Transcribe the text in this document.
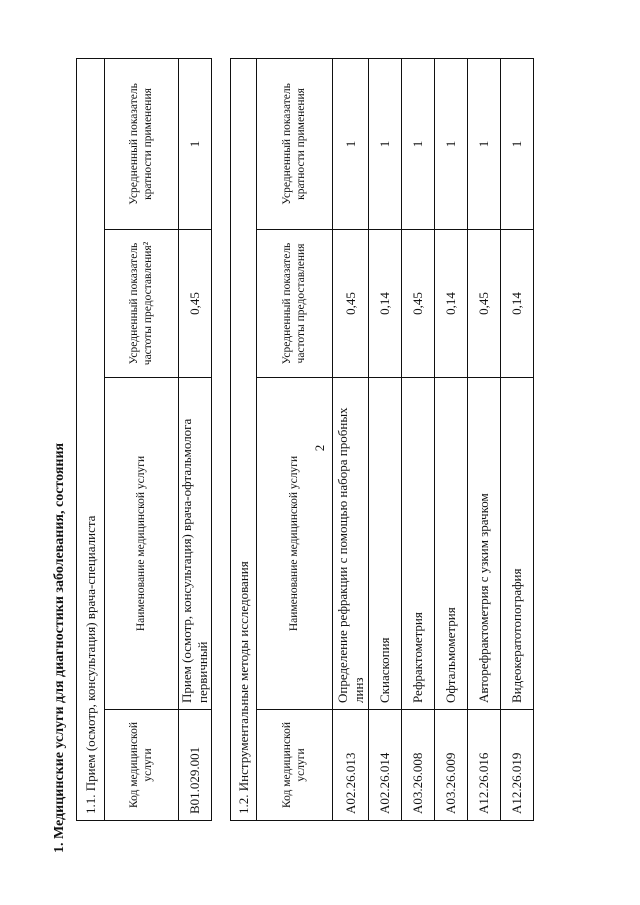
2
1. Медицинские услуги для диагностики заболевания, состояния 1.1. Прием (осмотр, консультация) врача-специалиста			
Код медицинской услуги	Наименование медицинской услуги	Усредненный показатель частоты предоставления²	Усредненный показатель кратности применения
B01.029.001	Прием (осмотр, консультация) врача-офтальмолога первичный	0,45	1
1.2. Инструментальные методы исследования			
Код медицинской услуги	Наименование медицинской услуги	Усредненный показатель частоты предоставления	Усредненный показатель кратности применения
A02.26.013	Определение рефракции с помощью набора пробных линз	0,45	1
A02.26.014	Скиаскопия	0,14	1
A03.26.008	Рефрактометрия	0,45	1
A03.26.009	Офтальмометрия	0,14	1
A12.26.016	Авторефрактометрия с узким зрачком	0,45	1
A12.26.019	Видеокератотопография	0,14	1
